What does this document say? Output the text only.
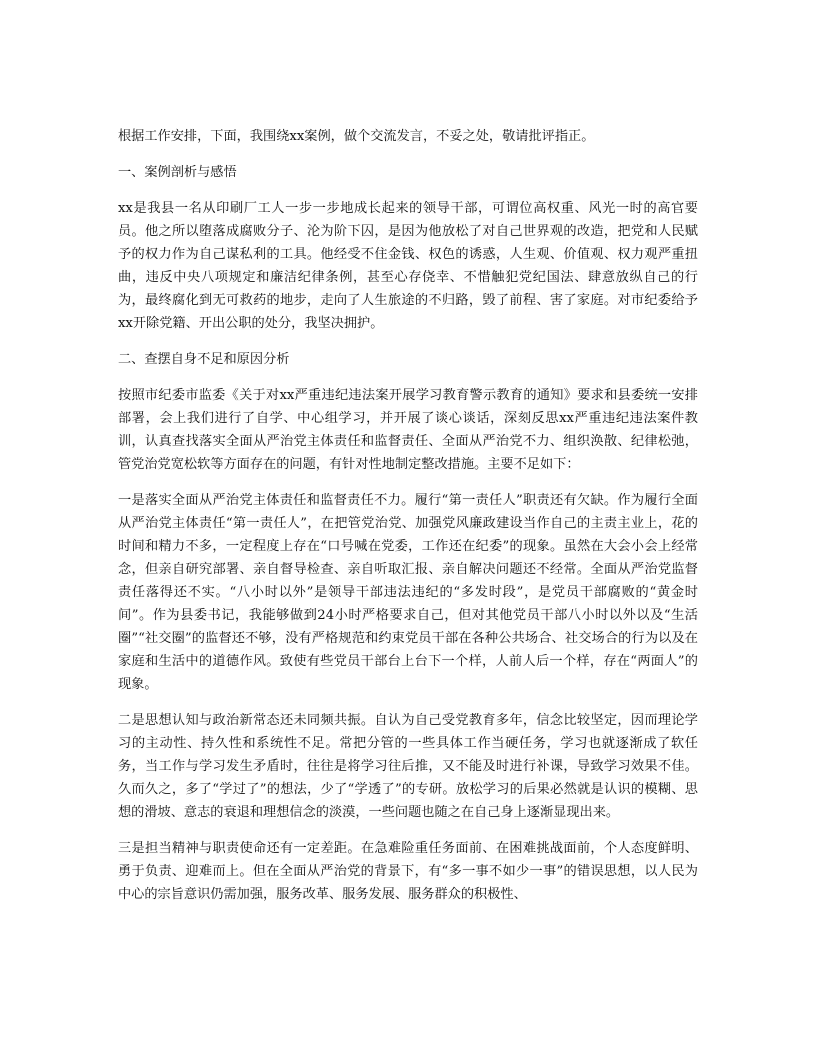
根据工作安排，下面，我围绕xx案例，做个交流发言，不妥之处，敬请批评指正。

一、案例剖析与感悟

xx是我县一名从印刷厂工人一步一步地成长起来的领导干部，可谓位高权重、风光一时的高官要员。他之所以堕落成腐败分子、沦为阶下囚，是因为他放松了对自己世界观的改造，把党和人民赋予的权力作为自己谋私利的工具。他经受不住金钱、权色的诱惑，人生观、价值观、权力观严重扭曲，违反中央八项规定和廉洁纪律条例，甚至心存侥幸、不惜触犯党纪国法、肆意放纵自己的行为，最终腐化到无可救药的地步，走向了人生旅途的不归路，毁了前程、害了家庭。对市纪委给予xx开除党籍、开出公职的处分，我坚决拥护。

二、查摆自身不足和原因分析

按照市纪委市监委《关于对xx严重违纪违法案开展学习教育警示教育的通知》要求和县委统一安排部署，会上我们进行了自学、中心组学习，并开展了谈心谈话，深刻反思xx严重违纪违法案件教训，认真查找落实全面从严治党主体责任和监督责任、全面从严治党不力、组织涣散、纪律松弛，管党治党宽松软等方面存在的问题，有针对性地制定整改措施。主要不足如下：

一是落实全面从严治党主体责任和监督责任不力。履行“第一责任人”职责还有欠缺。作为履行全面从严治党主体责任“第一责任人”，在把管党治党、加强党风廉政建设当作自己的主责主业上，花的时间和精力不多，一定程度上存在“口号喊在党委，工作还在纪委”的现象。虽然在大会小会上经常念，但亲自研究部署、亲自督导检查、亲自听取汇报、亲自解决问题还不经常。全面从严治党监督责任落得还不实。“八小时以外”是领导干部违法违纪的“多发时段”，是党员干部腐败的“黄金时间”。作为县委书记，我能够做到24小时严格要求自己，但对其他党员干部八小时以外以及“生活圈”“社交圈”的监督还不够，没有严格规范和约束党员干部在各种公共场合、社交场合的行为以及在家庭和生活中的道德作风。致使有些党员干部台上台下一个样，人前人后一个样，存在“两面人”的现象。

二是思想认知与政治新常态还未同频共振。自认为自己受党教育多年，信念比较坚定，因而理论学习的主动性、持久性和系统性不足。常把分管的一些具体工作当硬任务，学习也就逐渐成了软任务，当工作与学习发生矛盾时，往往是将学习往后推，又不能及时进行补课，导致学习效果不佳。久而久之，多了“学过了”的想法，少了“学透了”的专研。放松学习的后果必然就是认识的模糊、思想的滑坡、意志的衰退和理想信念的淡漠，一些问题也随之在自己身上逐渐显现出来。

三是担当精神与职责使命还有一定差距。在急难险重任务面前、在困难挑战面前，个人态度鲜明、勇于负责、迎难而上。但在全面从严治党的背景下，有“多一事不如少一事”的错误思想，以人民为中心的宗旨意识仍需加强，服务改革、服务发展、服务群众的积极性、
